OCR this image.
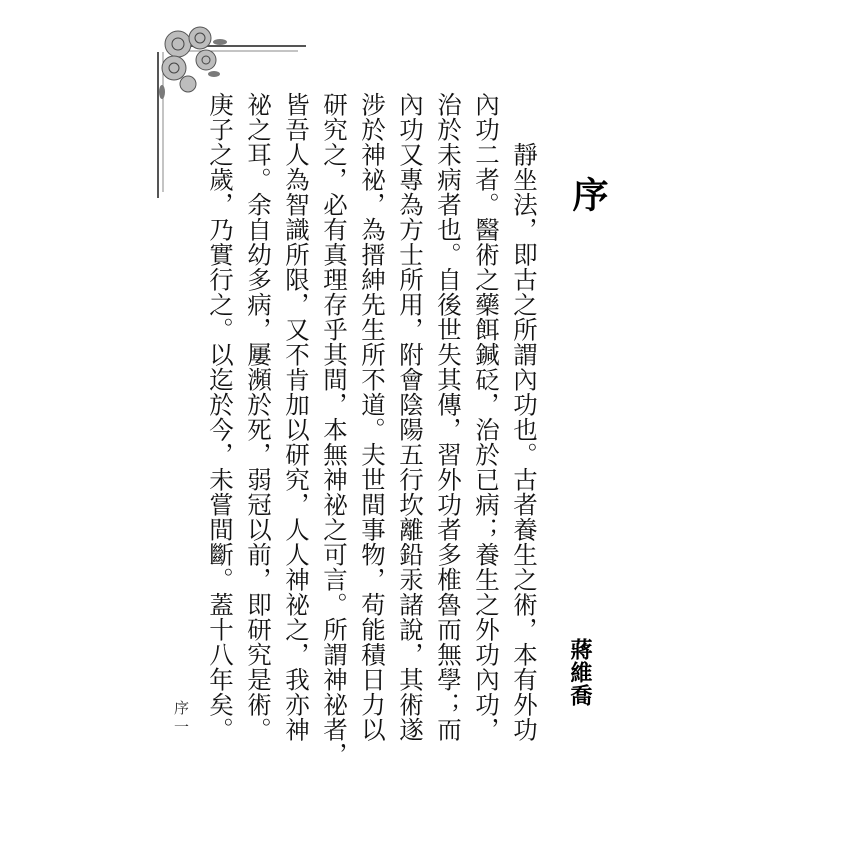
序
蔣維喬
靜坐法，即古之所謂內功也。古者養生之術，本有外功
內功二者。醫術之藥餌鍼砭，治於已病；養生之外功內功，
治於未病者也。自後世失其傳，習外功者多椎魯而無學；而
內功又專為方士所用，附會陰陽五行坎離鉛汞諸說，其術遂
涉於神祕，為搢紳先生所不道。夫世間事物，苟能積日力以
研究之，必有真理存乎其間，本無神祕之可言。所謂神祕者，
皆吾人為智識所限，又不肯加以研究，人人神祕之，我亦神
祕之耳。余自幼多病，屢瀕於死，弱冠以前，即研究是術。
庚子之歲，乃實行之。以迄於今，未嘗間斷。蓋十八年矣。
序一
